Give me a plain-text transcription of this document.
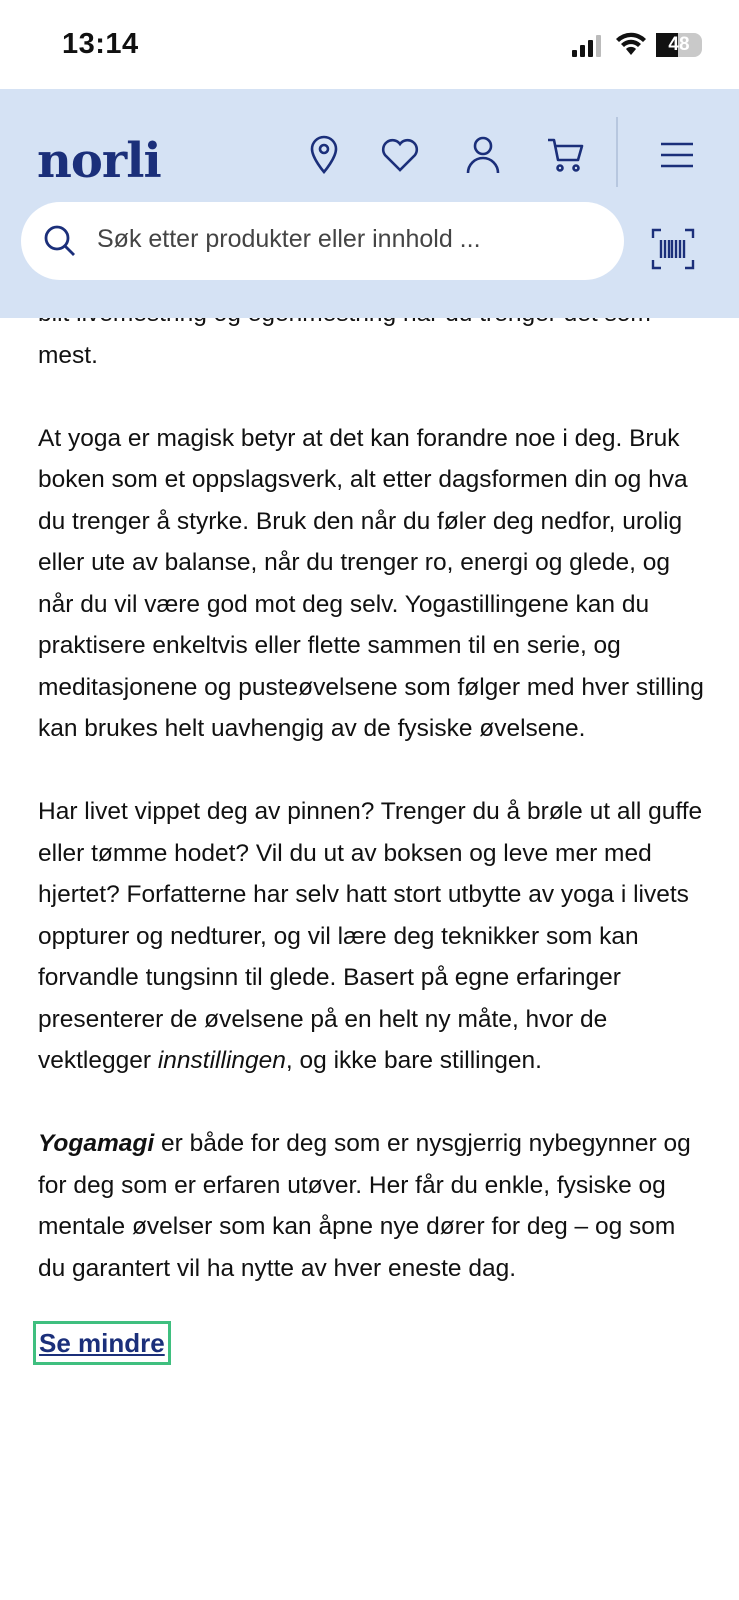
mest.

At yoga er magisk betyr at det kan forandre noe i deg. Bruk boken som et oppslagsverk, alt etter dagsformen din og hva du trenger å styrke. Bruk den når du føler deg nedfor, urolig eller ute av balanse, når du trenger ro, energi og glede, og når du vil være god mot deg selv. Yogastillingene kan du praktisere enkeltvis eller flette sammen til en serie, og meditasjonene og pusteøvelsene som følger med hver stilling kan brukes helt uavhengig av de fysiske øvelsene.

Har livet vippet deg av pinnen? Trenger du å brøle ut all guffe eller tømme hodet? Vil du ut av boksen og leve mer med hjertet? Forfatterne har selv hatt stort utbytte av yoga i livets oppturer og nedturer, og vil lære deg teknikker som kan forvandle tungsinn til glede. Basert på egne erfaringer presenterer de øvelsene på en helt ny måte, hvor de vektlegger innstillingen, og ikke bare stillingen.

Yogamagi er både for deg som er nysgjerrig nybegynner og for deg som er erfaren utøver. Her får du enkle, fysiske og mentale øvelser som kan åpne nye dører for deg – og som du garantert vil ha nytte av hver eneste dag.

Se mindre
13:14	48
norli
Søk etter produkter eller innhold ...
